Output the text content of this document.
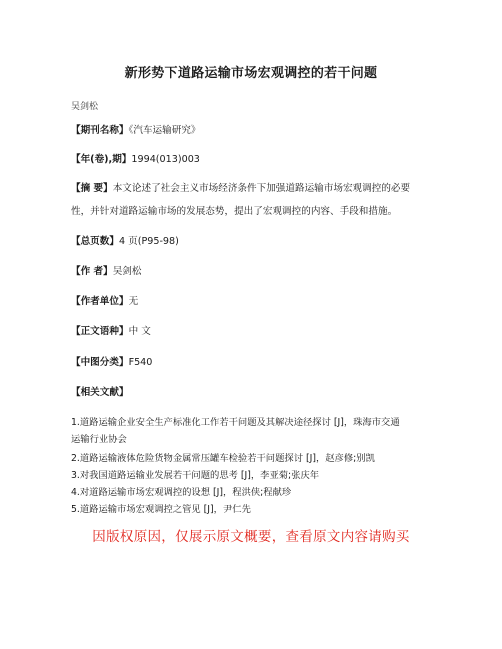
新形势下道路运输市场宏观调控的若干问题
吴剑松
【期刊名称】《汽车运输研究》
【年(卷),期】1994(013)003
【摘 要】本文论述了社会主义市场经济条件下加强道路运输市场宏观调控的必要
性，并针对道路运输市场的发展态势，提出了宏观调控的内容、手段和措施。
【总页数】4 页(P95-98)
【作 者】吴剑松
【作者单位】无
【正文语种】中 文
【中图分类】F540
【相关文献】
1.道路运输企业安全生产标准化工作若干问题及其解决途径探讨 [J]，珠海市交通
运输行业协会
2.道路运输液体危险货物金属常压罐车检验若干问题探讨 [J]，赵彦修;别凯
3.对我国道路运输业发展若干问题的思考 [J]，李亚菊;张庆年
4.对道路运输市场宏观调控的设想 [J]，程洪侠;程献珍
5.道路运输市场宏观调控之管见 [J]，尹仁先
因版权原因，仅展示原文概要，查看原文内容请购买
